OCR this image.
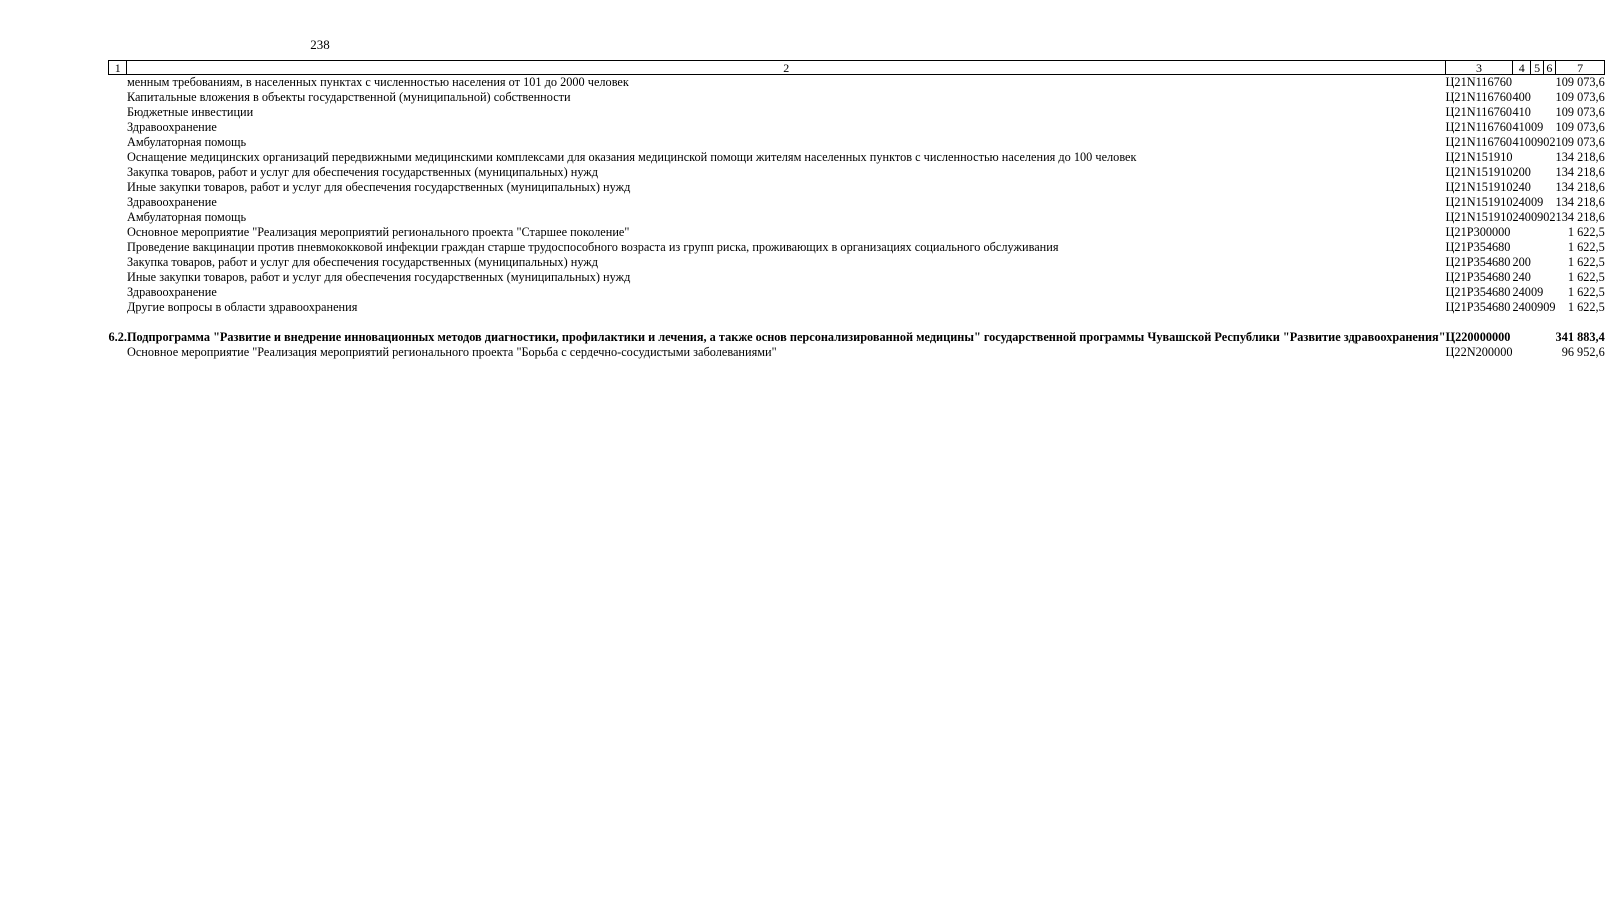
238
1	2	3	4	5	6	7
	менным требованиям, в населенных пунктах с численностью населения от 101 до 2000 человек	Ц21N116760				109 073,6
	Капитальные вложения в объекты государственной (муниципальной) собственности	Ц21N116760	400			109 073,6
	Бюджетные инвестиции	Ц21N116760	410			109 073,6
	Здравоохранение	Ц21N116760	410	09		109 073,6
	Амбулаторная помощь	Ц21N116760	410	09	02	109 073,6
	Оснащение медицинских организаций передвижными медицинскими комплексами для оказания медицинской помощи жителям населенных пунктов с численностью населения до 100 человек	Ц21N151910				134 218,6
	Закупка товаров, работ и услуг для обеспечения государственных (муниципальных) нужд	Ц21N151910	200			134 218,6
	Иные закупки товаров, работ и услуг для обеспечения государственных (муниципальных) нужд	Ц21N151910	240			134 218,6
	Здравоохранение	Ц21N151910	240	09		134 218,6
	Амбулаторная помощь	Ц21N151910	240	09	02	134 218,6
	Основное мероприятие "Реализация мероприятий регионального проекта "Старшее поколение"	Ц21P300000				1 622,5
	Проведение вакцинации против пневмококковой инфекции граждан старше трудоспособного возраста из групп риска, проживающих в организациях социального обслуживания	Ц21P354680				1 622,5
	Закупка товаров, работ и услуг для обеспечения государственных (муниципальных) нужд	Ц21P354680	200			1 622,5
	Иные закупки товаров, работ и услуг для обеспечения государственных (муниципальных) нужд	Ц21P354680	240			1 622,5
	Здравоохранение	Ц21P354680	240	09		1 622,5
	Другие вопросы в области здравоохранения	Ц21P354680	240	09	09	1 622,5

6.2.	Подпрограмма "Развитие и внедрение инновационных методов диагностики, профилактики и лечения, а также основ персонализированной медицины" государственной программы Чувашской Республики "Развитие здравоохранения"	Ц220000000				341 883,4
	Основное мероприятие "Реализация мероприятий регионального проекта "Борьба с сердечно-сосудистыми заболеваниями"	Ц22N200000				96 952,6
